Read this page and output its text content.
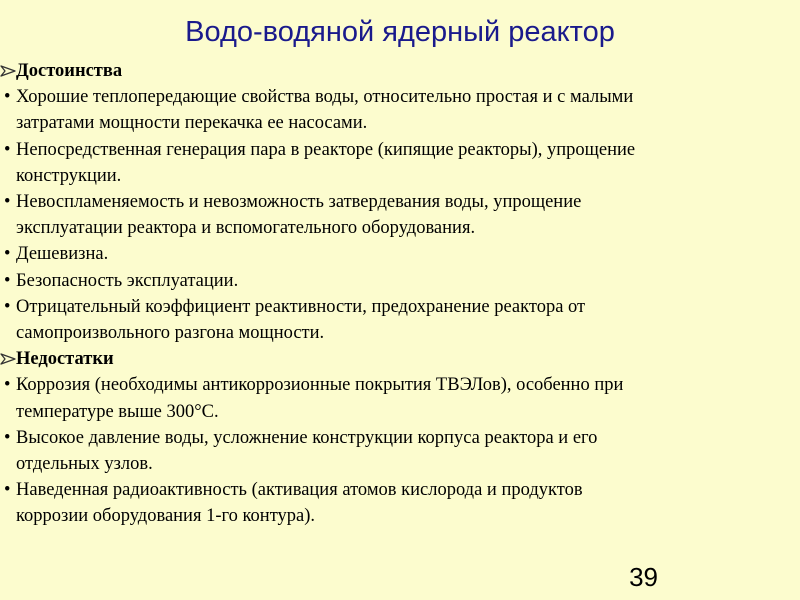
Водо-водяной ядерный реактор
Достоинства
• Хорошие теплопередающие свойства воды, относительно простая и с малыми
затратами мощности перекачка ее насосами.
• Непосредственная генерация пара в реакторе (кипящие реакторы), упрощение
конструкции.
• Невоспламеняемость и невозможность затвердевания воды, упрощение
эксплуатации реактора и вспомогательного оборудования.
• Дешевизна.
• Безопасность эксплуатации.
• Отрицательный коэффициент реактивности, предохранение реактора от
самопроизвольного разгона мощности.
Недостатки
• Коррозия (необходимы антикоррозионные покрытия ТВЭЛов), особенно при
температуре выше 300°С.
• Высокое давление воды, усложнение конструкции корпуса реактора и его
отдельных узлов.
• Наведенная радиоактивность (активация атомов кислорода и продуктов
коррозии оборудования 1-го контура).
39
